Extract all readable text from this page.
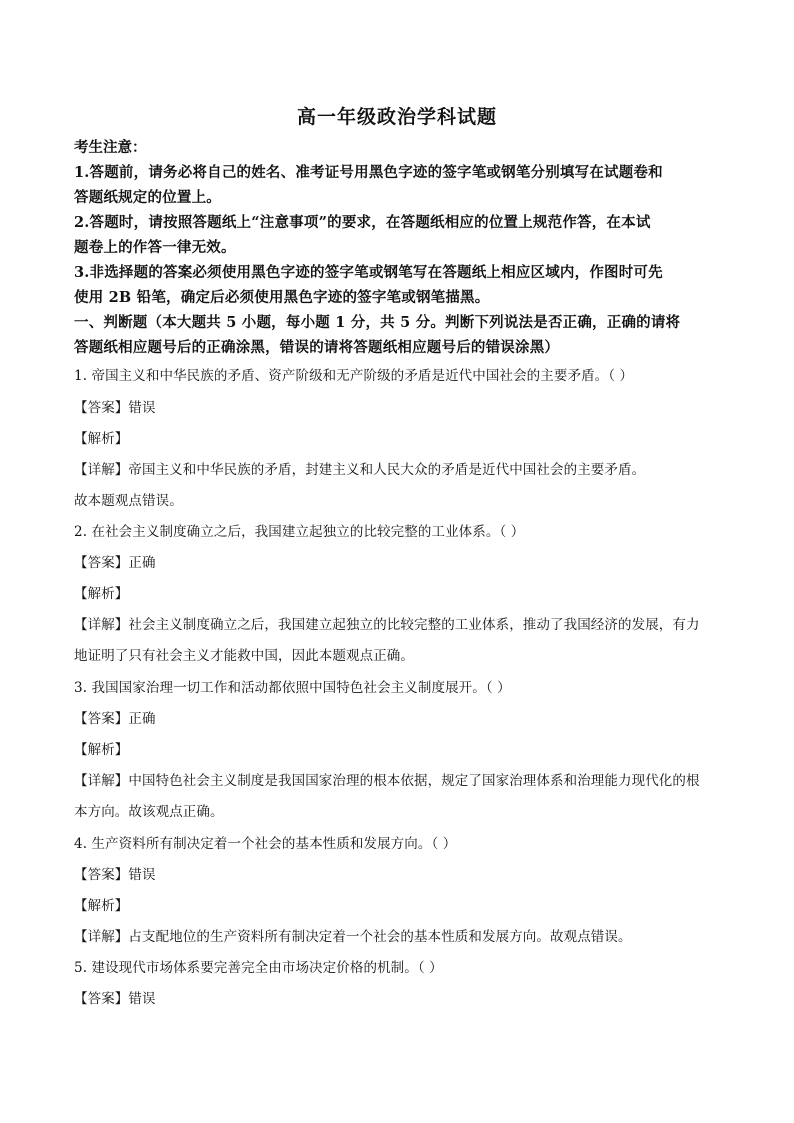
高一年级政治学科试题
考生注意：
1.答题前，请务必将自己的姓名、准考证号用黑色字迹的签字笔或钢笔分别填写在试题卷和
答题纸规定的位置上。
2.答题时，请按照答题纸上“注意事项”的要求，在答题纸相应的位置上规范作答，在本试
题卷上的作答一律无效。
3.非选择题的答案必须使用黑色字迹的签字笔或钢笔写在答题纸上相应区域内，作图时可先
使用 2B 铅笔，确定后必须使用黑色字迹的签字笔或钢笔描黑。
一、判断题（本大题共 5 小题，每小题 1 分，共 5 分。判断下列说法是否正确，正确的请将
答题纸相应题号后的正确涂黑，错误的请将答题纸相应题号后的错误涂黑）
1. 帝国主义和中华民族的矛盾、资产阶级和无产阶级的矛盾是近代中国社会的主要矛盾。（ ）
【答案】错误
【解析】
【详解】帝国主义和中华民族的矛盾，封建主义和人民大众的矛盾是近代中国社会的主要矛盾。
故本题观点错误。
2. 在社会主义制度确立之后，我国建立起独立的比较完整的工业体系。（ ）
【答案】正确
【解析】
【详解】社会主义制度确立之后，我国建立起独立的比较完整的工业体系，推动了我国经济的发展，有力
地证明了只有社会主义才能救中国，因此本题观点正确。
3. 我国国家治理一切工作和活动都依照中国特色社会主义制度展开。（ ）
【答案】正确
【解析】
【详解】中国特色社会主义制度是我国国家治理的根本依据，规定了国家治理体系和治理能力现代化的根
本方向。故该观点正确。
4. 生产资料所有制决定着一个社会的基本性质和发展方向。（ ）
【答案】错误
【解析】
【详解】占支配地位的生产资料所有制决定着一个社会的基本性质和发展方向。故观点错误。
5. 建设现代市场体系要完善完全由市场决定价格的机制。（ ）
【答案】错误
